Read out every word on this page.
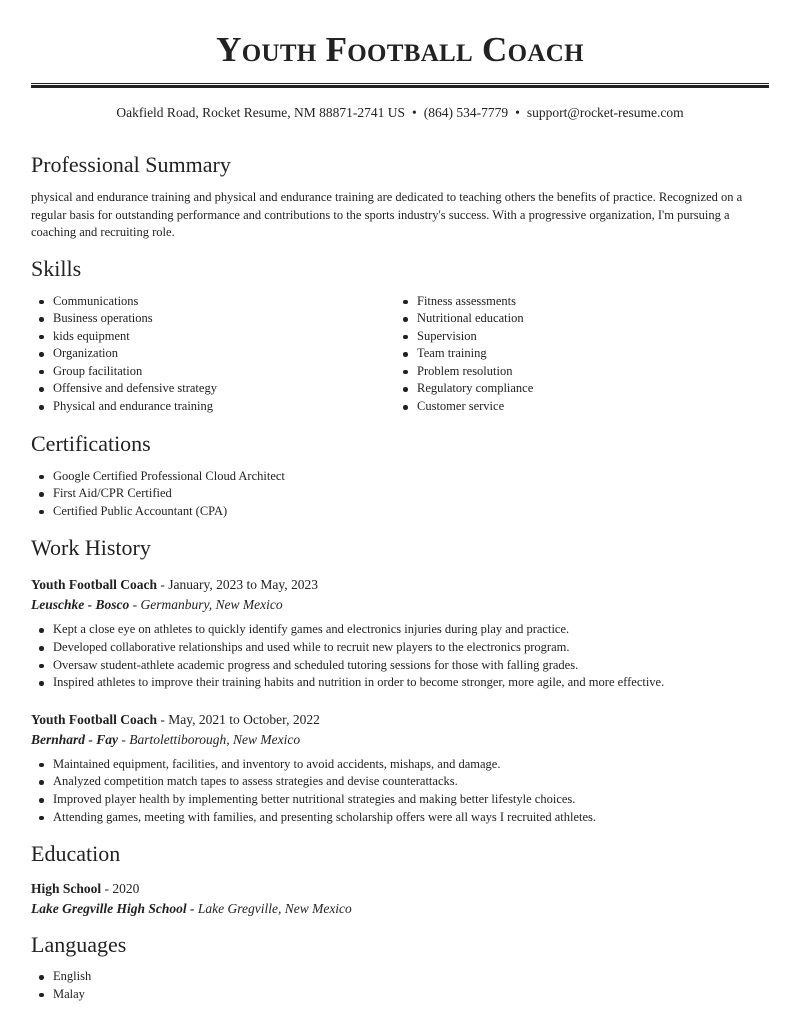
Youth Football Coach
Oakfield Road, Rocket Resume, NM 88871-2741 US • (864) 534-7779 • support@rocket-resume.com
Professional Summary

physical and endurance training and physical and endurance training are dedicated to teaching others the benefits of practice. Recognized on a regular basis for outstanding performance and contributions to the sports industry's success. With a progressive organization, I'm pursuing a coaching and recruiting role.

Skills
Communications
Business operations
kids equipment
Organization
Group facilitation
Offensive and defensive strategy
Physical and endurance training
Fitness assessments
Nutritional education
Supervision
Team training
Problem resolution
Regulatory compliance
Customer service
Certifications
Google Certified Professional Cloud Architect
First Aid/CPR Certified
Certified Public Accountant (CPA)
Work History
Youth Football Coach - January, 2023 to May, 2023
Leuschke - Bosco - Germanbury, New Mexico
Kept a close eye on athletes to quickly identify games and electronics injuries during play and practice.
Developed collaborative relationships and used while to recruit new players to the electronics program.
Oversaw student-athlete academic progress and scheduled tutoring sessions for those with falling grades.
Inspired athletes to improve their training habits and nutrition in order to become stronger, more agile, and more effective.
Youth Football Coach - May, 2021 to October, 2022
Bernhard - Fay - Bartolettiborough, New Mexico
Maintained equipment, facilities, and inventory to avoid accidents, mishaps, and damage.
Analyzed competition match tapes to assess strategies and devise counterattacks.
Improved player health by implementing better nutritional strategies and making better lifestyle choices.
Attending games, meeting with families, and presenting scholarship offers were all ways I recruited athletes.
Education
High School - 2020
Lake Gregville High School - Lake Gregville, New Mexico
Languages
English
Malay
